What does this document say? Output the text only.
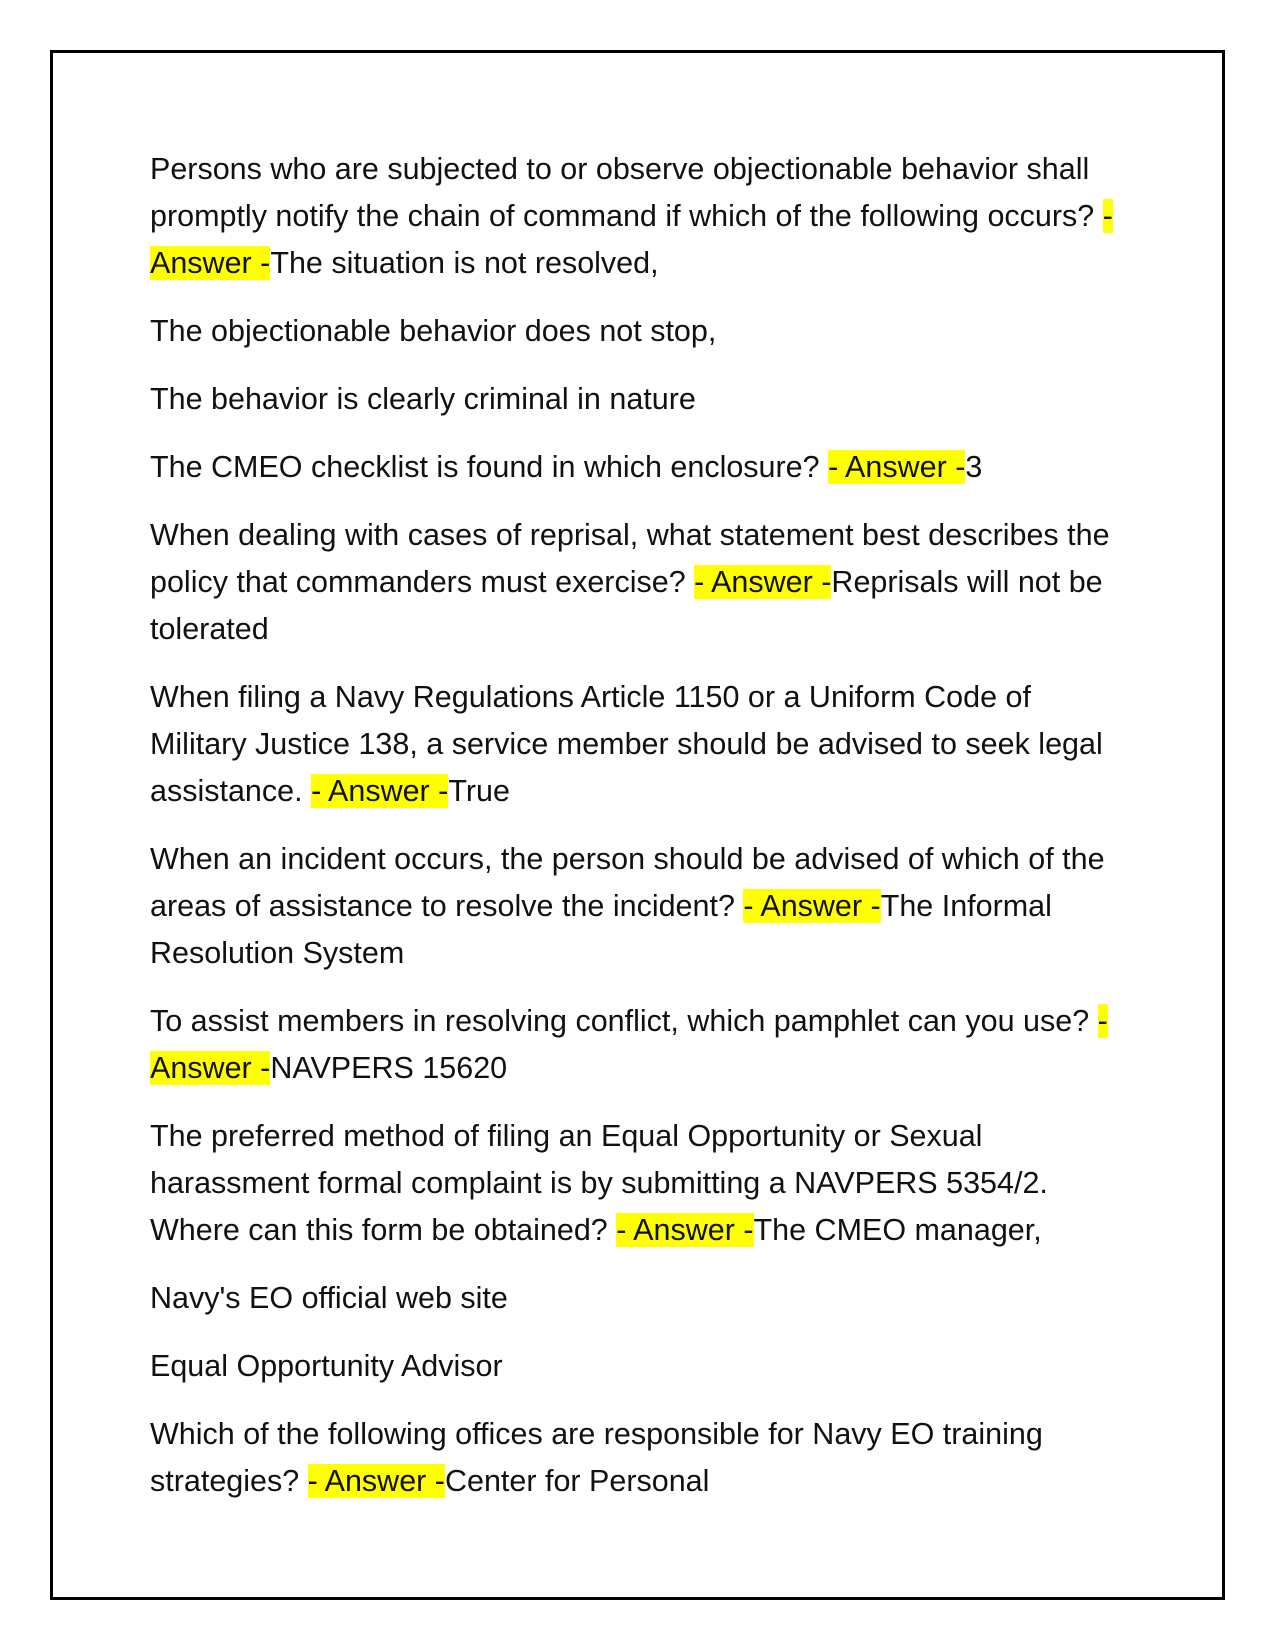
Persons who are subjected to or observe objectionable behavior shall promptly notify the chain of command if which of the following occurs? - Answer -The situation is not resolved,

The objectionable behavior does not stop,

The behavior is clearly criminal in nature

The CMEO checklist is found in which enclosure? - Answer -3

When dealing with cases of reprisal, what statement best describes the policy that commanders must exercise? - Answer -Reprisals will not be tolerated

When filing a Navy Regulations Article 1150 or a Uniform Code of Military Justice 138, a service member should be advised to seek legal assistance. - Answer -True

When an incident occurs, the person should be advised of which of the areas of assistance to resolve the incident? - Answer -The Informal Resolution System

To assist members in resolving conflict, which pamphlet can you use? - Answer -NAVPERS 15620

The preferred method of filing an Equal Opportunity or Sexual harassment formal complaint is by submitting a NAVPERS 5354/2. Where can this form be obtained? - Answer -The CMEO manager,

Navy's EO official web site

Equal Opportunity Advisor

Which of the following offices are responsible for Navy EO training strategies? - Answer -Center for Personal
